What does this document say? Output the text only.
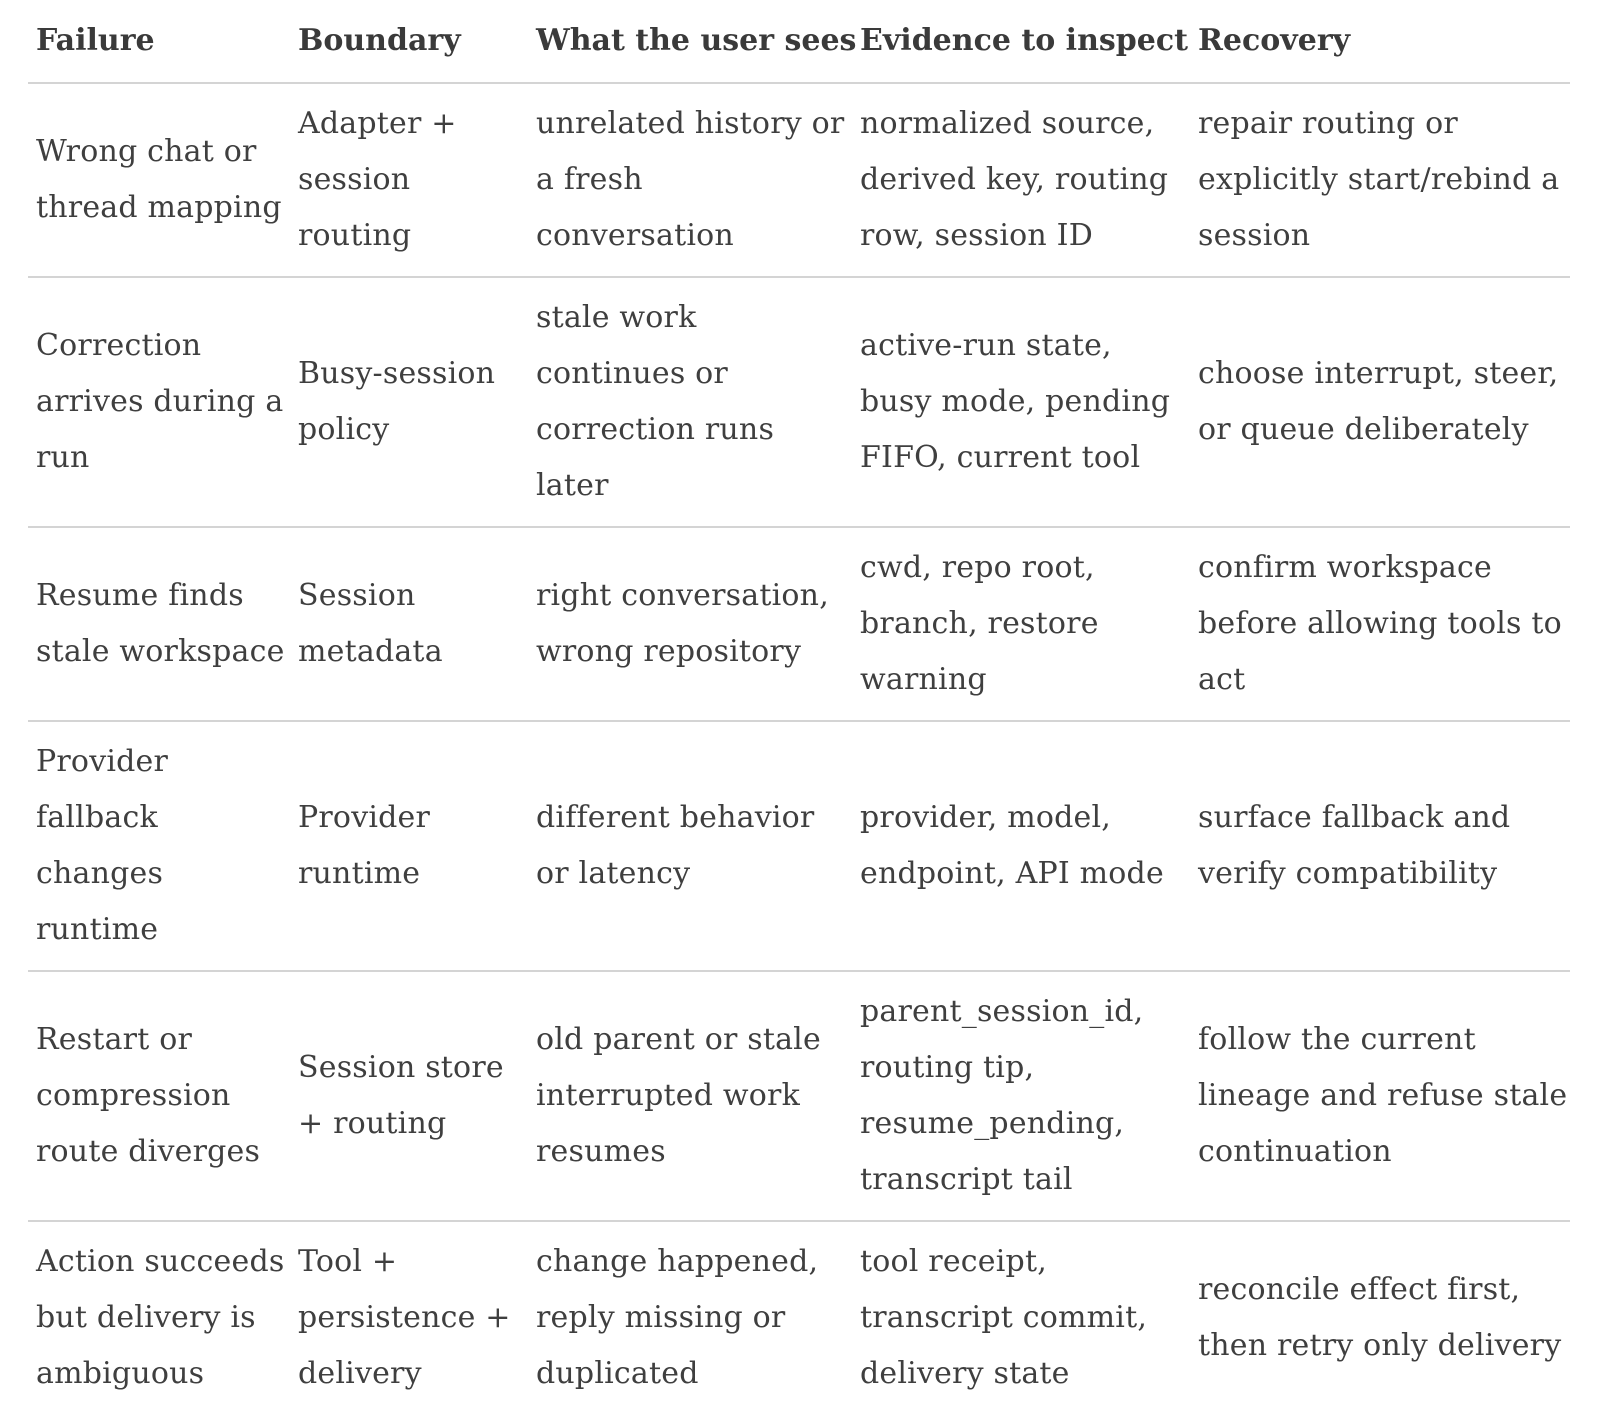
Failure	Boundary	What the user sees	Evidence to inspect	Recovery
Wrong chat or thread mapping	Adapter + session routing	unrelated history or a fresh conversation	normalized source, derived key, routing row, session ID	repair routing or explicitly start/rebind a session
Correction arrives during a run	Busy-session policy	stale work continues or correction runs later	active-run state, busy mode, pending FIFO, current tool	choose interrupt, steer, or queue deliberately
Resume finds stale workspace	Session metadata	right conversation, wrong repository	cwd, repo root, branch, restore warning	confirm workspace before allowing tools to act
Provider fallback changes runtime	Provider runtime	different behavior or latency	provider, model, endpoint, API mode	surface fallback and verify compatibility
Restart or compression route diverges	Session store + routing	old parent or stale interrupted work resumes	parent_session_id, routing tip, resume_pending, transcript tail	follow the current lineage and refuse stale continuation
Action succeeds but delivery is ambiguous	Tool + persistence + delivery	change happened, reply missing or duplicated	tool receipt, transcript commit, delivery state	reconcile effect first, then retry only delivery
